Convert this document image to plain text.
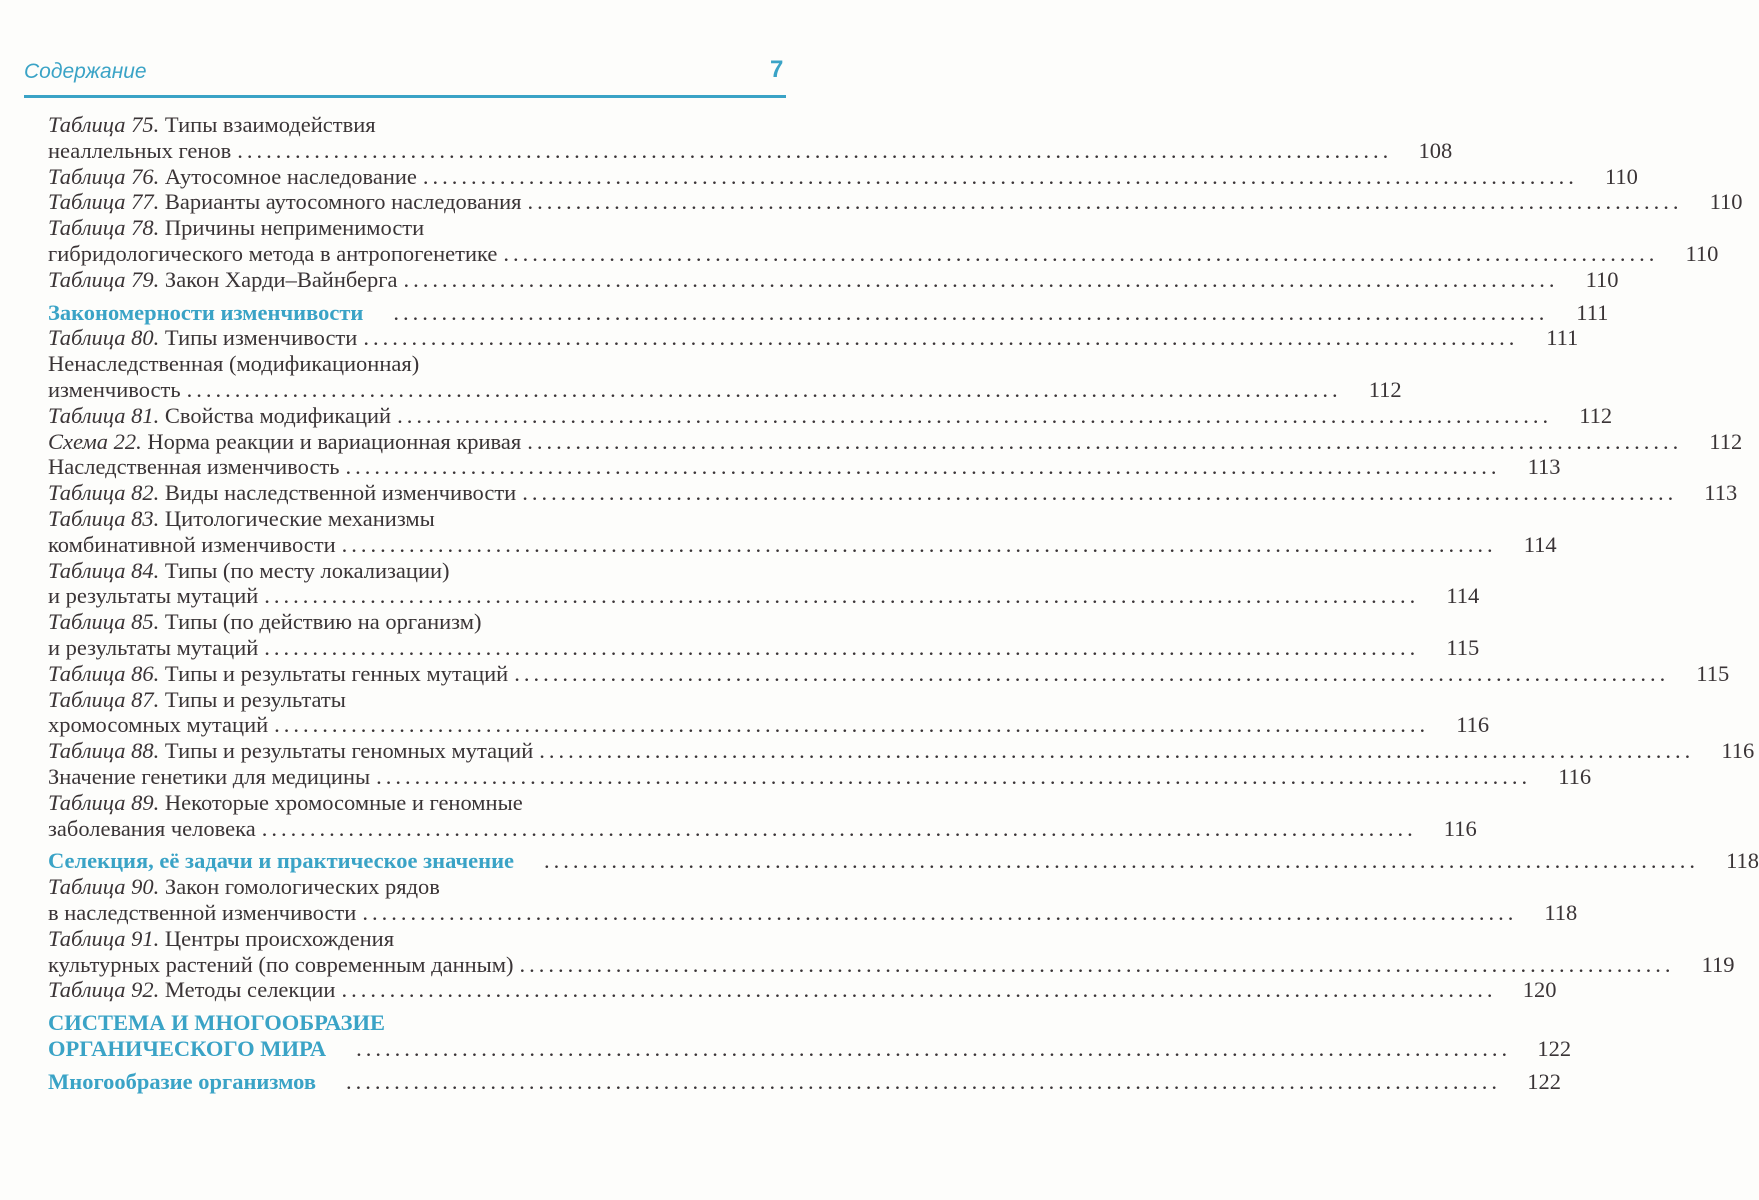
Содержание	7
Таблица 75. Типы взаимодействия
неаллельных генов ........................................................................................................................	108
Таблица 76. Аутосомное наследование ........................................................................................................................	110
Таблица 77. Варианты аутосомного наследования ........................................................................................................................	110
Таблица 78. Причины неприменимости
гибридологического метода в антропогенетике ........................................................................................................................	110
Таблица 79. Закон Харди–Вайнберга ........................................................................................................................	110
Закономерности изменчивости ........................................................................................................................	111
Таблица 80. Типы изменчивости ........................................................................................................................	111
Ненаследственная (модификационная)
изменчивость ........................................................................................................................	112
Таблица 81. Свойства модификаций ........................................................................................................................	112
Схема 22. Норма реакции и вариационная кривая ........................................................................................................................	112
Наследственная изменчивость ........................................................................................................................	113
Таблица 82. Виды наследственной изменчивости ........................................................................................................................	113
Таблица 83. Цитологические механизмы
комбинативной изменчивости ........................................................................................................................	114
Таблица 84. Типы (по месту локализации)
и результаты мутаций ........................................................................................................................	114
Таблица 85. Типы (по действию на организм)
и результаты мутаций ........................................................................................................................	115
Таблица 86. Типы и результаты генных мутаций ........................................................................................................................	115
Таблица 87. Типы и результаты
хромосомных мутаций ........................................................................................................................	116
Таблица 88. Типы и результаты геномных мутаций ........................................................................................................................	116
Значение генетики для медицины ........................................................................................................................	116
Таблица 89. Некоторые хромосомные и геномные
заболевания человека ........................................................................................................................	116
Селекция, её задачи и практическое значение ........................................................................................................................	118
Таблица 90. Закон гомологических рядов
в наследственной изменчивости ........................................................................................................................	118
Таблица 91. Центры происхождения
культурных растений (по современным данным) ........................................................................................................................	119
Таблица 92. Методы селекции ........................................................................................................................	120
СИСТЕМА И МНОГООБРАЗИЕ
ОРГАНИЧЕСКОГО МИРА ........................................................................................................................	122
Многообразие организмов ........................................................................................................................	122
